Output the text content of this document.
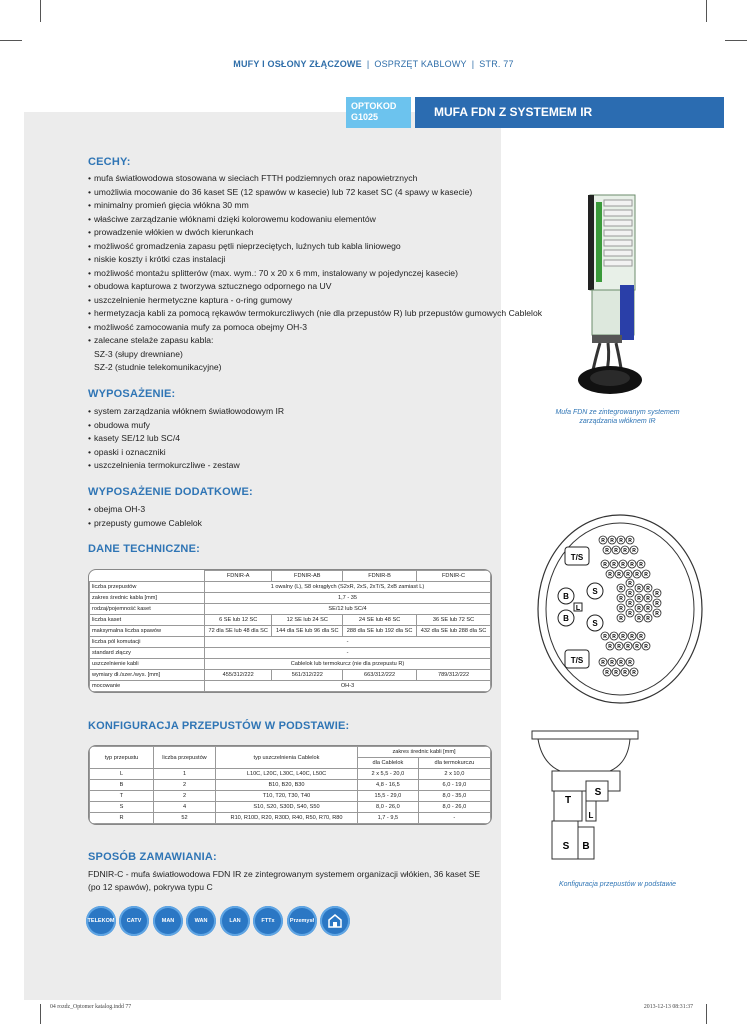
MUFY I OSŁONY ZŁĄCZOWE | OSPRZĘT KABLOWY | STR. 77
OPTOKOD
G1025	MUFA FDN Z SYSTEMEM IR
CECHY:
• mufa światłowodowa stosowana w sieciach FTTH podziemnych oraz napowietrznych
• umożliwia mocowanie do 36 kaset SE (12 spawów w kasecie) lub 72 kaset SC (4 spawy w kasecie)
• minimalny promień gięcia włókna 30 mm
• właściwe zarządzanie włóknami dzięki kolorowemu kodowaniu elementów
• prowadzenie włókien w dwóch kierunkach
• możliwość gromadzenia zapasu pętli nieprzeciętych, luźnych tub kabla liniowego
• niskie koszty i krótki czas instalacji
• możliwość montażu splitterów (max. wym.: 70 x 20 x 6 mm, instalowany w pojedynczej kasecie)
• obudowa kapturowa z tworzywa sztucznego odpornego na UV
• uszczelnienie hermetyczne kaptura - o-ring gumowy
• hermetyzacja kabli za pomocą rękawów termokurczliwych (nie dla przepustów R) lub przepustów gumowych Cablelok
• możliwość zamocowania mufy za pomoca obejmy OH-3
• zalecane stelaże zapasu kabla:
SZ-3 (słupy drewniane)
SZ-2 (studnie telekomunikacyjne)
WYPOSAŻENIE:
• system zarządzania włóknem światłowodowym IR
• obudowa mufy
• kasety SE/12 lub SC/4
• opaski i oznaczniki
• uszczelnienia termokurczliwe - zestaw
WYPOSAŻENIE DODATKOWE:
• obejma OH-3
• przepusty gumowe Cablelok
DANE TECHNICZNE:
	FDNIR-A	FDNIR-AB	FDNIR-B	FDNIR-C
liczba przepustów	1 owalny (L), S8 okrągłych (S2xR, 2xS, 2xT/S, 2xB zamiast L)			
zakres średnic kabla [mm]	1,7 - 35			
rodzaj/pojemność kaset	SE/12 lub SC/4			
liczba kaset	6 SE lub 12 SC	12 SE lub 24 SC	24 SE lub 48 SC	36 SE lub 72 SC
maksymalna liczba spawów	72 dla SE lub 48 dla SC	144 dla SE lub 96 dla SC	288 dla SE lub 192 dla SC	432 dla SE lub 288 dla SC
liczba pól komutacji	-			
standard złączy	-			
uszczelnienie kabli	Cablelok lub termokurcz (nie dla przepustu R)			
wymiary dł./szer./wys. [mm]	455/312/222	561/312/222	663/312/222	789/312/222
mocowanie	OH-3			
KONFIGURACJA PRZEPUSTÓW W PODSTAWIE:
typ przepustu	liczba przepustów	typ uszczelnienia Cablelok	zakres średnic kabli [mm]	
			dla Cablelok	dla termokurczu
L	1	L10C, L20C, L30C, L40C, L50C	2 x 5,5 - 20,0	2 x 10,0
B	2	B10, B20, B30	4,8 - 16,5	6,0 - 19,0
T	2	T10, T20, T30, T40	15,5 - 29,0	8,0 - 35,0
S	4	S10, S20, S30D, S40, S50	8,0 - 26,0	8,0 - 26,0
R	52	R10, R10D, R20, R30D, R40, R50, R70, R80	1,7 - 9,5	-
SPOSÓB ZAMAWIANIA:
FDNIR-C - mufa światłowodowa FDN IR ze zintegrowanym systemem organizacji włókien, 36 kaset SE
(po 12 spawów), pokrywa typu C
TELEKOM	CATV	MAN	WAN	LAN	FTTx	Przemysł
Mufa FDN ze zintegrowanym systemem
zarządzania włóknem IR
R R R R
R R R R
R R R R R
R R R R R
R
R
R
R
R
R
R
R
R
R
R
R
R
R
R
R
R
R
R
R R R R R
R R R R R
R R R R
R R R R
T/S
T/S
B
B
S
S
L
T
S
L
S B
Konfiguracja przepustów w podstawie
04 rozdz_Optomer katalog.indd 77	2013-12-13 08:31:37
